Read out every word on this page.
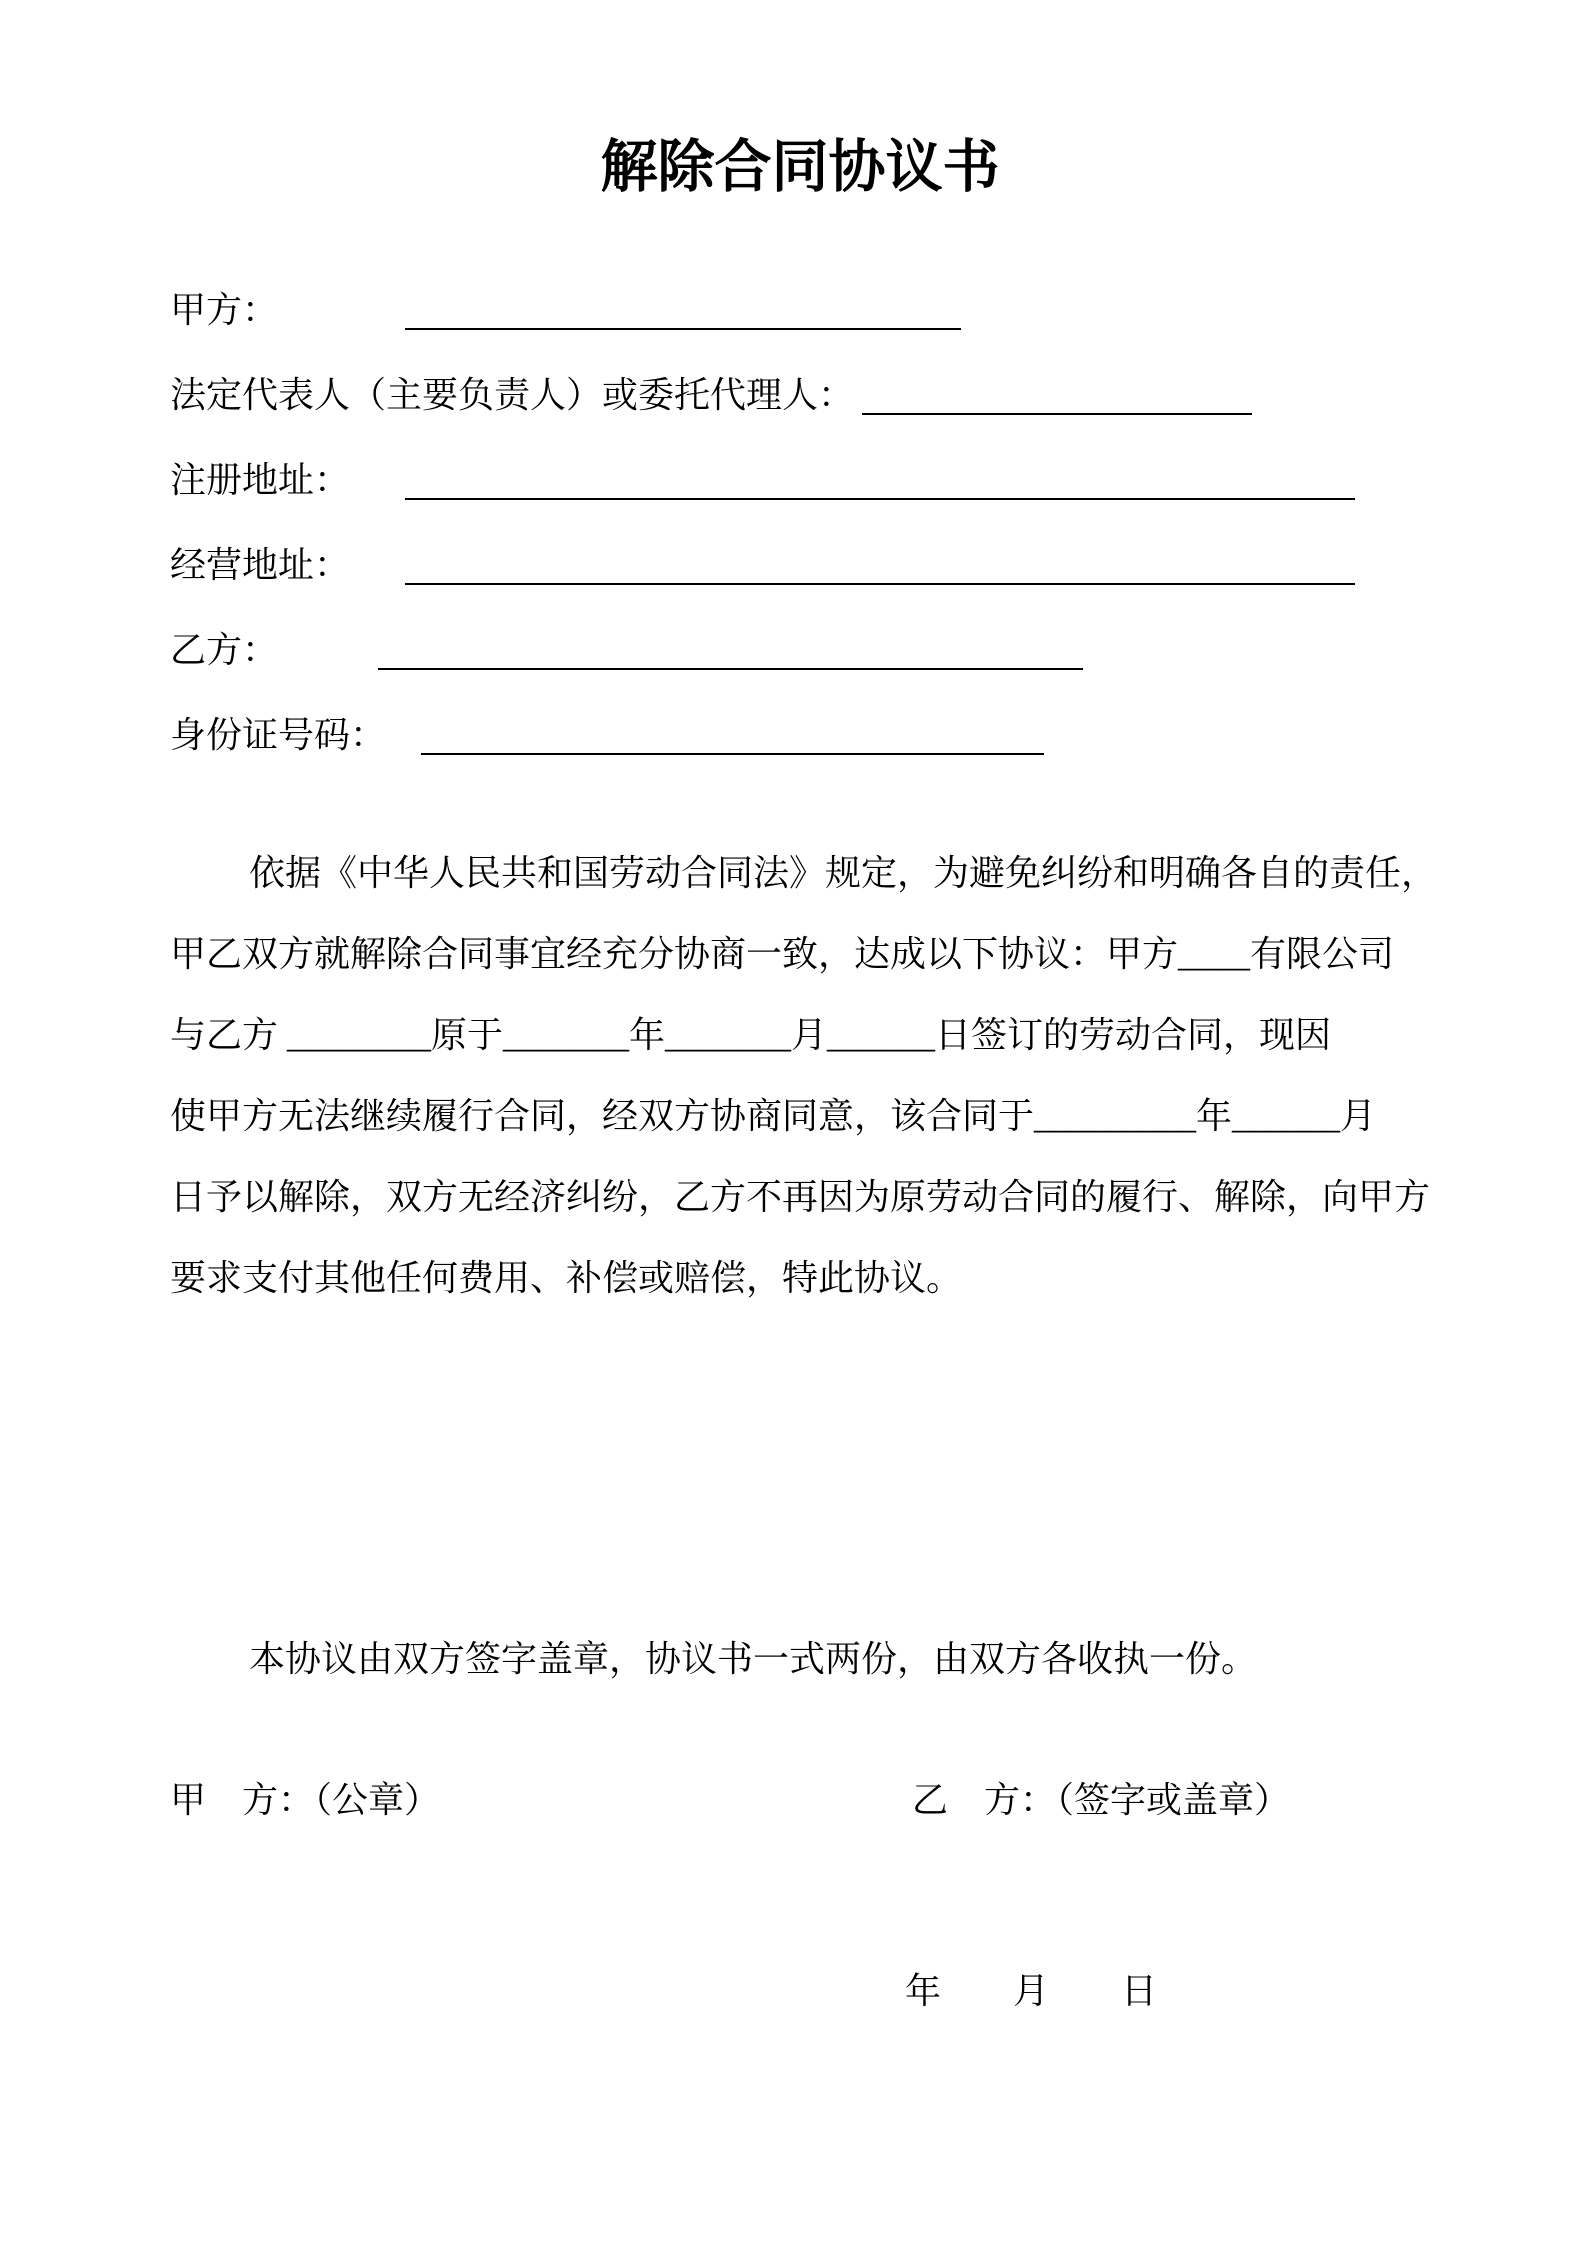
解除合同协议书
甲方：
法定代表人（主要负责人）或委托代理人：
注册地址：
经营地址：
乙方：
身份证号码：
依据《中华人民共和国劳动合同法》规定，为避免纠纷和明确各自的责任，
甲乙双方就解除合同事宜经充分协商一致，达成以下协议：甲方____有限公司
与乙方 ________原于_______年_______月______日签订的劳动合同，现因
使甲方无法继续履行合同，经双方协商同意，该合同于_________年______月
日予以解除，双方无经济纠纷，乙方不再因为原劳动合同的履行、解除，向甲方
要求支付其他任何费用、补偿或赔偿，特此协议。
本协议由双方签字盖章，协议书一式两份，由双方各收执一份。
甲　方：（公章）	乙　方：（签字或盖章）
年　　月　　日
